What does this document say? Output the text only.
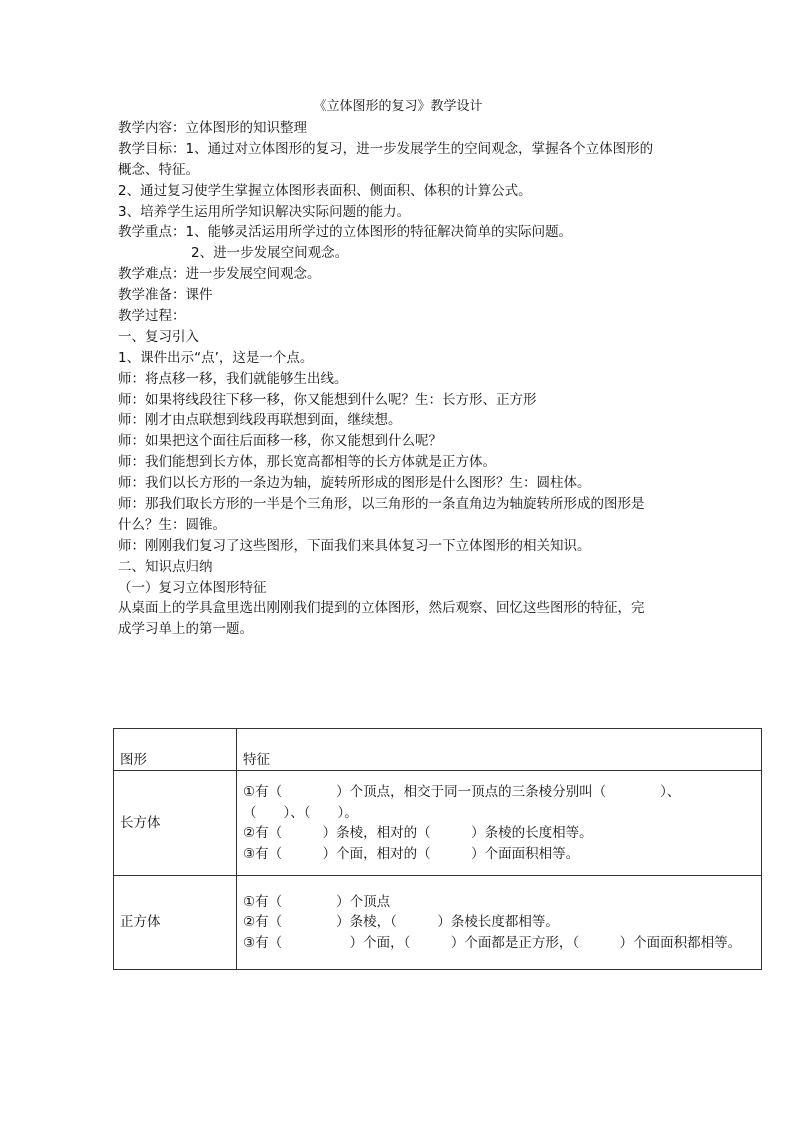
《立体图形的复习》教学设计
教学内容：立体图形的知识整理
教学目标：1、通过对立体图形的复习，进一步发展学生的空间观念，掌握各个立体图形的
概念、特征。
2、通过复习使学生掌握立体图形表面积、侧面积、体积的计算公式。
3、培养学生运用所学知识解决实际问题的能力。
教学重点：1、能够灵活运用所学过的立体图形的特征解决简单的实际问题。
2、进一步发展空间观念。
教学难点：进一步发展空间观念。
教学准备：课件
教学过程：
一、复习引入
1、课件出示“点’，这是一个点。
师：将点移一移，我们就能够生出线。
师：如果将线段往下移一移，你又能想到什么呢？生：长方形、正方形
师：刚才由点联想到线段再联想到面，继续想。
师：如果把这个面往后面移一移，你又能想到什么呢？
师：我们能想到长方体，那长宽高都相等的长方体就是正方体。
师：我们以长方形的一条边为轴，旋转所形成的图形是什么图形？生：圆柱体。
师：那我们取长方形的一半是个三角形，以三角形的一条直角边为轴旋转所形成的图形是
什么？生：圆锥。
师：刚刚我们复习了这些图形，下面我们来具体复习一下立体图形的相关知识。
二、知识点归纳
（一）复习立体图形特征
从桌面上的学具盒里选出刚刚我们提到的立体图形，然后观察、回忆这些图形的特征，完
成学习单上的第一题。
图形	特征
长方体	①有（　　　　）个顶点，相交于同一顶点的三条棱分别叫（　　　　）、
（　　）、（　　）。
②有（　　　）条棱，相对的（　　　）条棱的长度相等。
③有（　　　）个面，相对的（　　　）个面面积相等。

正方体	①有（　　　　）个顶点
②有（　　　　）条棱，（　　　）条棱长度都相等。
③有（　　　　　）个面，（　　　）个面都是正方形，（　　　）个面面积都相等。
